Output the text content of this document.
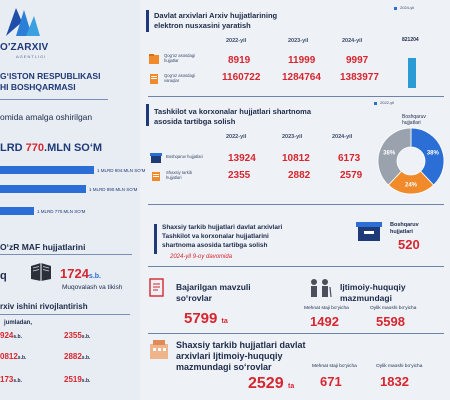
O'ZARXIV
AGENTLIGI
G‘ISTON RESPUBLIKASI
HI BOSHQARMASI
omida amalga oshirilgan
LRD 770.MLN SO‘M
1 MLRD 904.MLN SO'M
1 MLRD 890.MLN SO'M
1 MLRD 770.MLN SO'M
O‘zR MAF hujjatlarini
q	1724s.b.
Muqovalash va tikish
rxiv ishini rivojlantirish
jumladan,
924s.b.	2355s.b.
0812s.b.	2882s.b.
173s.b.	2519s.b.
Davlat arxivlari Arxiv hujjatlarining
elektron nusxasini yaratish
2024-yil
2022-yil	2023-yil	2024-yil
Qog'oz asosdagi hujjatlar	8919	11999	9997
Qog'oz asosdagi varaqlar	1160722 1284764 1383977
821204
Tashkilot va korxonalar hujjatlari shartnoma
asosida tartibga solish
2022-yil
2022-yil	2023-yil	2024-yil
Boshqaruv hujjatlari	13924	10812	6173
Shaxsiy tarkib hujjatlari	2355	2882	2579
Boshqaruv hujjatlari
38%
24%
38%
Shaxsiy tarkib hujjatlari davlat arxivlari
Tashkilot va korxonalar hujjatlarini
shartnoma asosida tartibga solish
2024-yil 9-oy davomida
Boshqaruv hujjatlari
520
Bajarilgan mavzuli
so‘rovlar
5799 ta
Ijtimoiy-huquqiy
mazmundagi
Mehnat staji bo‘yicha	Oylik maoshi bo‘yicha
1492	5598
Shaxsiy tarkib hujjatlari davlat
arxivlari Ijtimoiy-huquqiy
mazmundagi so‘rovlar
2529 ta
Mehnat staji bo‘yicha	Oylik maoshi bo‘yicha
671	1832
